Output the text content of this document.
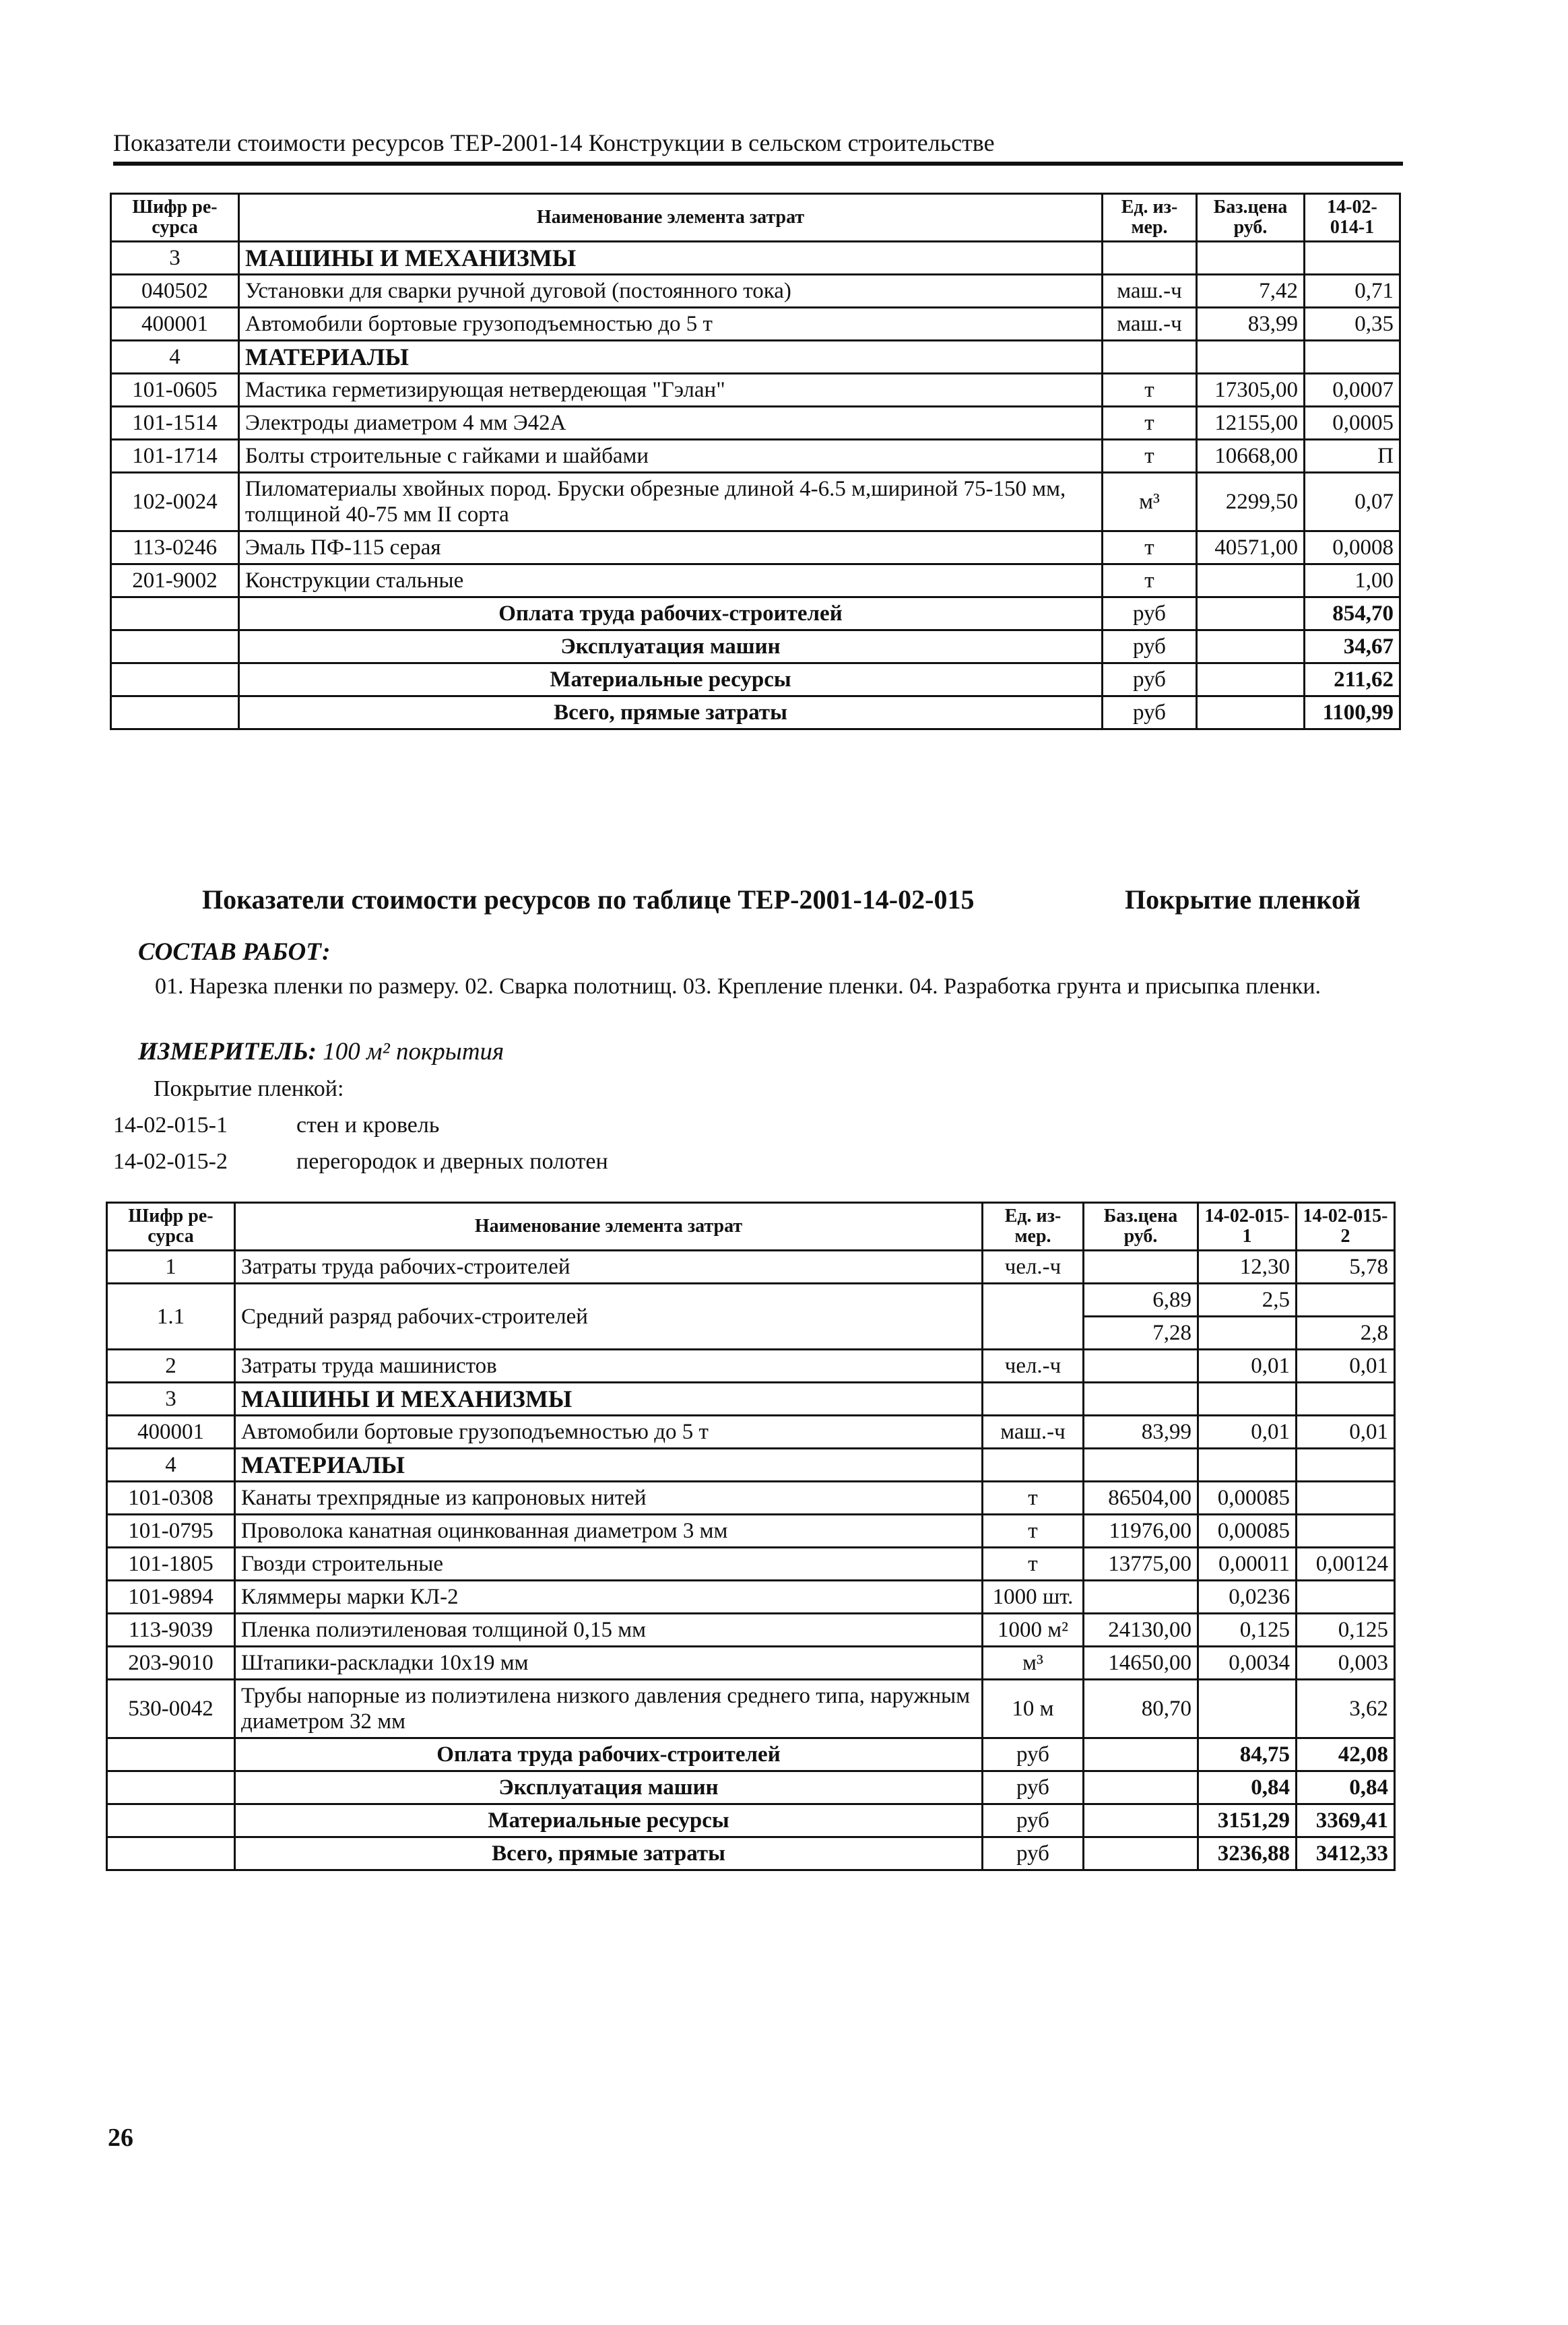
Показатели стоимости ресурсов ТЕР-2001-14 Конструкции в сельском строительстве
Шифр ре-сурса	Наименование элемента затрат	Ед. из-мер.	Баз.цена руб.	14-02-014-1
3	МАШИНЫ И МЕХАНИЗМЫ			
040502	Установки для сварки ручной дуговой (постоянного тока)	маш.-ч	7,42	0,71
400001	Автомобили бортовые грузоподъемностью до 5 т	маш.-ч	83,99	0,35
4	МАТЕРИАЛЫ			
101-0605	Мастика герметизирующая нетвердеющая "Гэлан"	т	17305,00	0,0007
101-1514	Электроды диаметром 4 мм Э42А	т	12155,00	0,0005
101-1714	Болты строительные с гайками и шайбами	т	10668,00	П
102-0024	Пиломатериалы хвойных пород. Бруски обрезные длиной 4-6.5 м,шириной 75-150 мм, толщиной 40-75 мм II сорта	м³	2299,50	0,07
113-0246	Эмаль ПФ-115 серая	т	40571,00	0,0008
201-9002	Конструкции стальные	т		1,00
	Оплата труда рабочих-строителей	руб		854,70
	Эксплуатация машин	руб		34,67
	Материальные ресурсы	руб		211,62
	Всего, прямые затраты	руб		1100,99
Показатели стоимости ресурсов по таблице ТЕР-2001-14-02-015	Покрытие пленкой
СОСТАВ РАБОТ:
01. Нарезка пленки по размеру. 02. Сварка полотнищ. 03. Крепление пленки. 04. Разработка грунта и присыпка пленки.
ИЗМЕРИТЕЛЬ: 100 м² покрытия
Покрытие пленкой:
14-02-015-1	стен и кровель
14-02-015-2	перегородок и дверных полотен
Шифр ре-сурса	Наименование элемента затрат	Ед. из-мер.	Баз.цена руб.	14-02-015-1	14-02-015-2
1	Затраты труда рабочих-строителей	чел.-ч		12,30	5,78
1.1	Средний разряд рабочих-строителей		6,89	2,5	
			7,28		2,8
2	Затраты труда машинистов	чел.-ч		0,01	0,01
3	МАШИНЫ И МЕХАНИЗМЫ				
400001	Автомобили бортовые грузоподъемностью до 5 т	маш.-ч	83,99	0,01	0,01
4	МАТЕРИАЛЫ				
101-0308	Канаты трехпрядные из капроновых нитей	т	86504,00	0,00085	
101-0795	Проволока канатная оцинкованная диаметром 3 мм	т	11976,00	0,00085	
101-1805	Гвозди строительные	т	13775,00	0,00011	0,00124
101-9894	Кляммеры марки КЛ-2	1000 шт.		0,0236	
113-9039	Пленка полиэтиленовая толщиной 0,15 мм	1000 м²	24130,00	0,125	0,125
203-9010	Штапики-раскладки 10х19 мм	м³	14650,00	0,0034	0,003
530-0042	Трубы напорные из полиэтилена низкого давления среднего типа, наружным диаметром 32 мм	10 м	80,70		3,62
	Оплата труда рабочих-строителей	руб		84,75	42,08
	Эксплуатация машин	руб		0,84	0,84
	Материальные ресурсы	руб		3151,29	3369,41
	Всего, прямые затраты	руб		3236,88	3412,33
26
